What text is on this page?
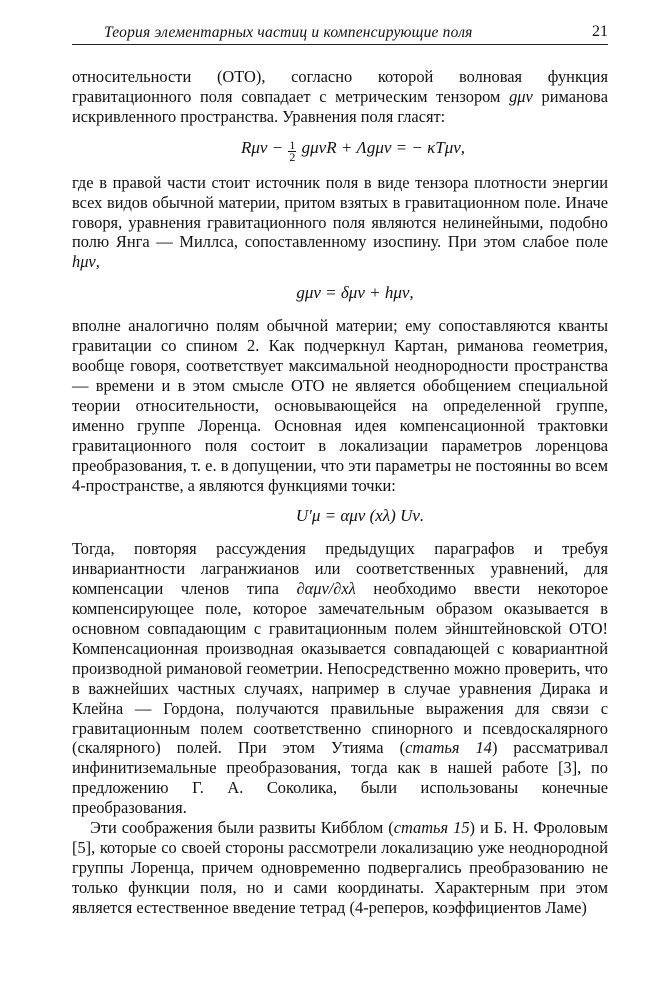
Теория элементарных частиц и компенсирующие поля	21

относительности (ОТО), согласно которой волновая функция гравитационного поля совпадает с метрическим тензором gμν римановa искривленного пространства. Уравнения поля гласят:

$R\mu\nu - \frac{1}{2}$ gμνR + Λgμν = − κTμν,

где в правой части стоит источник поля в виде тензора плотности энергии всех видов обычной материи, притом взятых в гравитационном поле. Иначе говоря, уравнения гравитационного поля являются нелинейными, подобно полю Янга — Миллса, сопоставленному изоспину. При этом слабое поле hμν,

gμν = δμν + hμν,

вполне аналогично полям обычной материи; ему сопоставляются кванты гравитации со спином 2. Как подчеркнул Картан, риманова геометрия, вообще говоря, соответствует максимальной неоднородности пространства — времени и в этом смысле ОТО не является обобщением специальной теории относительности, основывающейся на определенной группе, именно группе Лоренца. Основная идея компенсационной трактовки гравитационного поля состоит в локализации параметров лоренцова преобразования, т. е. в допущении, что эти параметры не постоянны во всем 4-пространстве, а являются функциями точки:

U′μ = αμν (xλ) Uν.

Тогда, повторяя рассуждения предыдущих параграфов и требуя инвариантности лагранжианов или соответственных уравнений, для компенсации членов типа ∂αμν/∂xλ необходимо ввести некоторое компенсирующее поле, которое замечательным образом оказывается в основном совпадающим с гравитационным полем эйнштейновской ОТО! Компенсационная производная оказывается совпадающей с ковариантной производной римановой геометрии. Непосредственно можно проверить, что в важнейших частных случаях, например в случае уравнения Дирака и Клейна — Гордона, получаются правильные выражения для связи с гравитационным полем соответственно спинорного и псевдоскалярного (скалярного) полей. При этом Утияма (статья 14) рассматривал инфинитиземальные преобразования, тогда как в нашей работе [3], по предложению Г. А. Соколика, были использованы конечные преобразования.

Эти соображения были развиты Кибблом (статья 15) и Б. Н. Фроловым [5], которые со своей стороны рассмотрели локализацию уже неоднородной группы Лоренца, причем одновременно подвергались преобразованию не только функции поля, но и сами координаты. Характерным при этом является естественное введение тетрад (4-реперов, коэффициентов Ламе)
